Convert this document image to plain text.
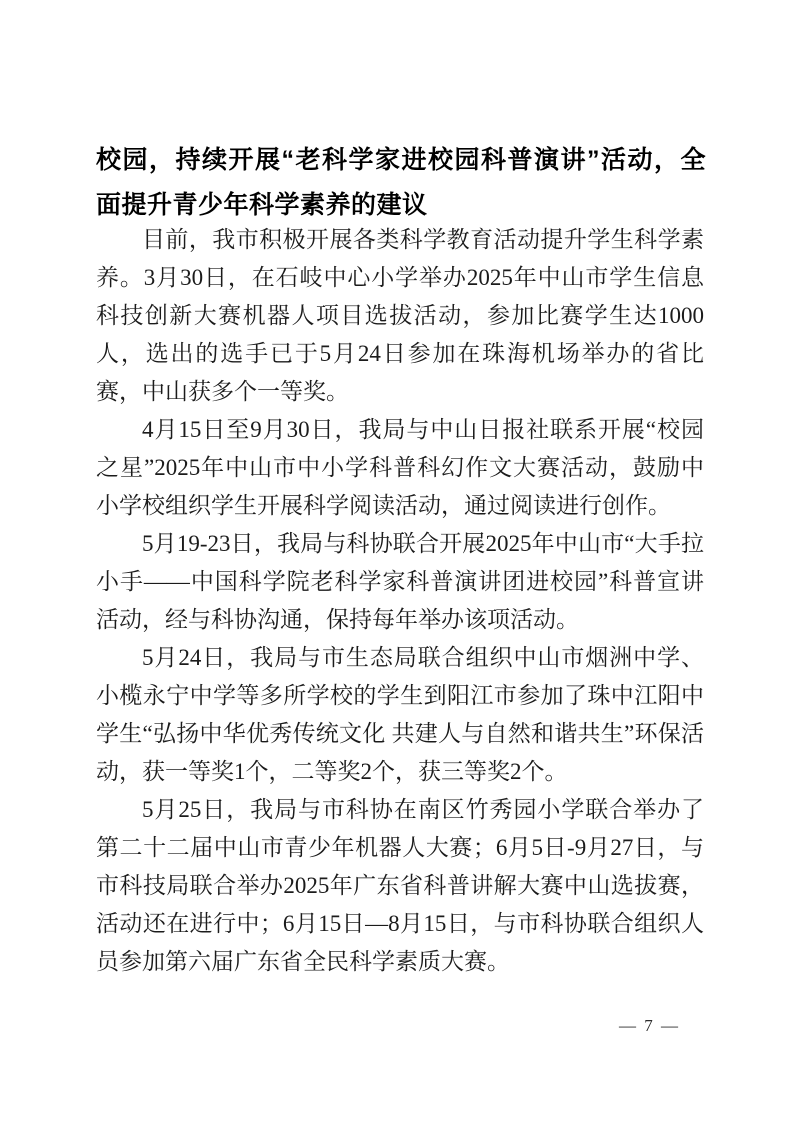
校园，持续开展“老科学家进校园科普演讲”活动，全面提升青少年科学素养的建议

目前，我市积极开展各类科学教育活动提升学生科学素养。3月30日，在石岐中心小学举办2025年中山市学生信息科技创新大赛机器人项目选拔活动，参加比赛学生达1000人，选出的选手已于5月24日参加在珠海机场举办的省比赛，中山获多个一等奖。

4月15日至9月30日，我局与中山日报社联系开展“校园之星”2025年中山市中小学科普科幻作文大赛活动，鼓励中小学校组织学生开展科学阅读活动，通过阅读进行创作。

5月19-23日，我局与科协联合开展2025年中山市“大手拉小手——中国科学院老科学家科普演讲团进校园”科普宣讲活动，经与科协沟通，保持每年举办该项活动。

5月24日，我局与市生态局联合组织中山市烟洲中学、小榄永宁中学等多所学校的学生到阳江市参加了珠中江阳中学生“弘扬中华优秀传统文化 共建人与自然和谐共生”环保活动，获一等奖1个，二等奖2个，获三等奖2个。

5月25日，我局与市科协在南区竹秀园小学联合举办了第二十二届中山市青少年机器人大赛；6月5日-9月27日，与市科技局联合举办2025年广东省科普讲解大赛中山选拔赛，活动还在进行中；6月15日—8月15日，与市科协联合组织人员参加第六届广东省全民科学素质大赛。

— 7 —
